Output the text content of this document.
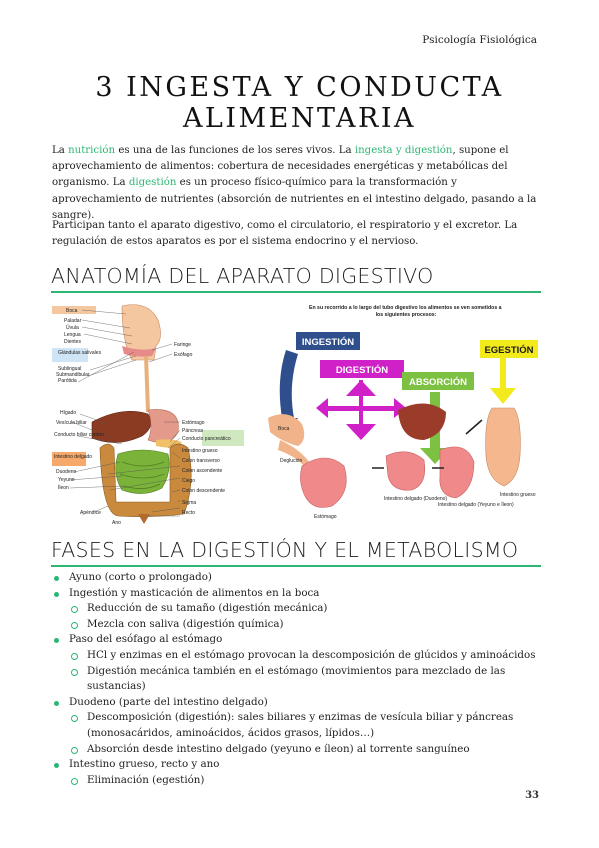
Psicología Fisiológica
3 INGESTA Y CONDUCTA
ALIMENTARIA

La nutrición es una de las funciones de los seres vivos. La ingesta y digestión, supone el aprovechamiento de alimentos: cobertura de necesidades energéticas y metabólicas del organismo. La digestión es un proceso físico-químico para la transformación y aprovechamiento de nutrientes (absorción de nutrientes en el intestino delgado, pasando a la sangre).

Participan tanto el aparato digestivo, como el circulatorio, el respiratorio y el excretor. La regulación de estos aparatos es por el sistema endocrino y el nervioso.

ANATOMÍA DEL APARATO DIGESTIVO
Boca
Paladar
Úvula
Lengua
Dientes
Glándulas salivales
Sublingual
Submandibular
Parótida
Hígado
Vesícula biliar
Conducto biliar común
Intestino delgado
Duodeno
Yeyuno
Íleon
Apéndice
Ano
Faringe
Esófago
Estómago
Páncreas
Conducto pancreático
Intestino grueso
Colon transverso
Colon ascendente
Ciego
Colon descendente
Sigma
Recto
En su recorrido a lo largo del tubo digestivo los alimentos se ven sometidos a los siguientes procesos:
INGESTIÓN
DIGESTIÓN
ABSORCIÓN
EGESTIÓN
Boca
Deglución
Estómago
Intestino delgado (Duodeno)
Intestino delgado (Yeyuno e Íleon)
Intestino grueso
FASES EN LA DIGESTIÓN Y EL METABOLISMO
Ayuno (corto o prolongado)
Ingestión y masticación de alimentos en la boca
Reducción de su tamaño (digestión mecánica)
Mezcla con saliva (digestión química)
Paso del esófago al estómago
HCl y enzimas en el estómago provocan la descomposición de glúcidos y aminoácidos
Digestión mecánica también en el estómago (movimientos para mezclado de las sustancias)
Duodeno (parte del intestino delgado)
Descomposición (digestión): sales biliares y enzimas de vesícula biliar y páncreas (monosacáridos, aminoácidos, ácidos grasos, lípidos…)
Absorción desde intestino delgado (yeyuno e íleon) al torrente sanguíneo
Intestino grueso, recto y ano
Eliminación (egestión)
33
